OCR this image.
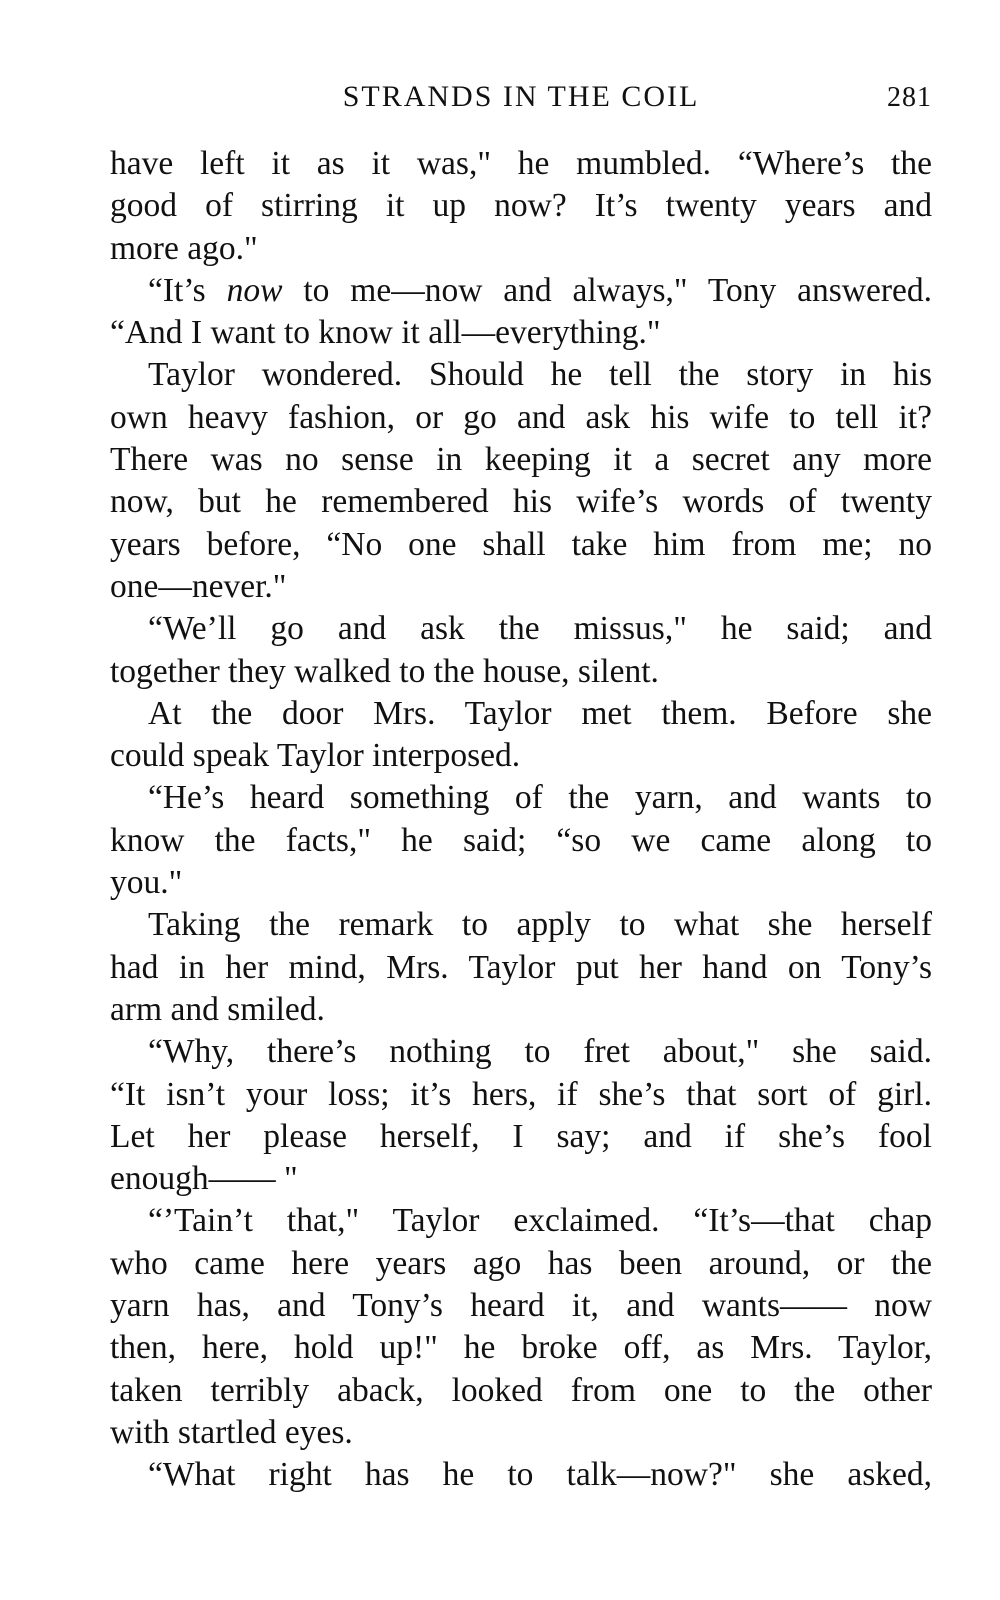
STRANDS IN THE COIL	281
have left it as it was," he mumbled. “Where’s the
good of stirring it up now? It’s twenty years and
more ago."
“It’s now to me—now and always," Tony answered.
“And I want to know it all—everything."
Taylor wondered. Should he tell the story in his
own heavy fashion, or go and ask his wife to tell it?
There was no sense in keeping it a secret any more
now, but he remembered his wife’s words of twenty
years before, “No one shall take him from me; no
one—never."
“We’ll go and ask the missus," he said; and
together they walked to the house, silent.
At the door Mrs. Taylor met them. Before she
could speak Taylor interposed.
“He’s heard something of the yarn, and wants to
know the facts," he said; “so we came along to
you."
Taking the remark to apply to what she herself
had in her mind, Mrs. Taylor put her hand on Tony’s
arm and smiled.
“Why, there’s nothing to fret about," she said.
“It isn’t your loss; it’s hers, if she’s that sort of girl.
Let her please herself, I say; and if she’s fool
enough—— "
“’Tain’t that," Taylor exclaimed. “It’s—that chap
who came here years ago has been around, or the
yarn has, and Tony’s heard it, and wants—— now
then, here, hold up!" he broke off, as Mrs. Taylor,
taken terribly aback, looked from one to the other
with startled eyes.
“What right has he to talk—now?" she asked,
